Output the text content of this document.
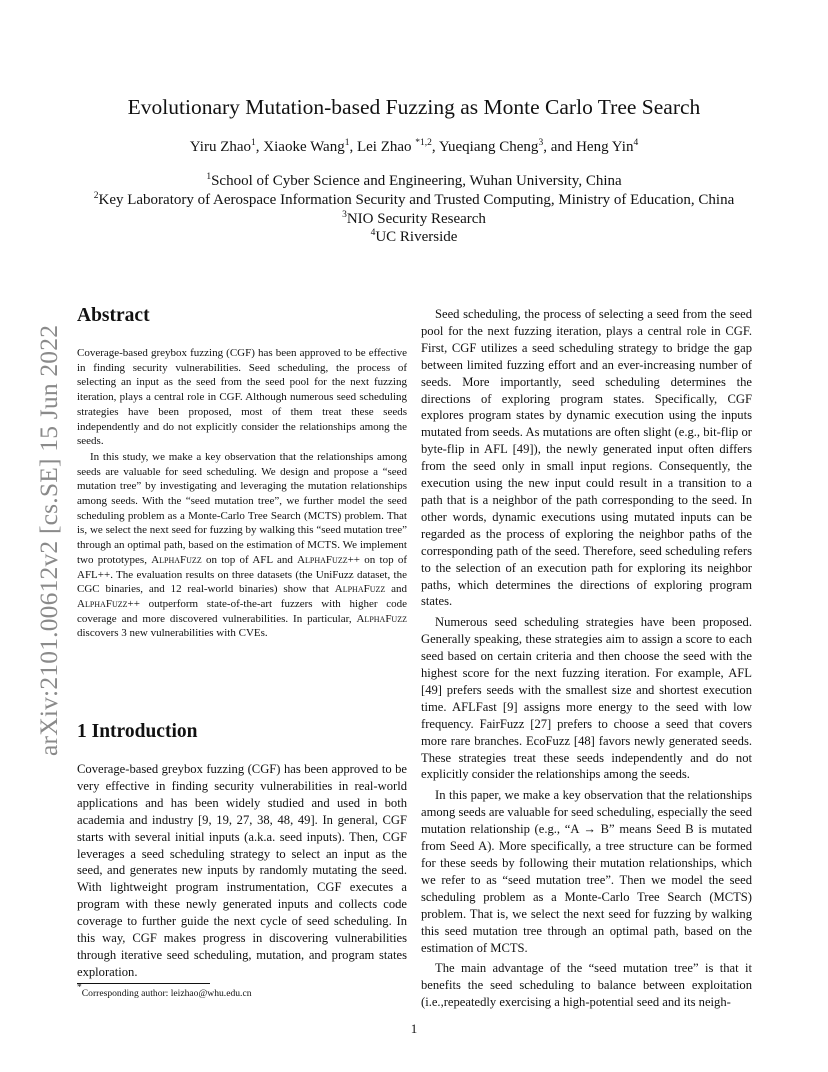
arXiv:2101.00612v2 [cs.SE] 15 Jun 2022
Evolutionary Mutation-based Fuzzing as Monte Carlo Tree Search
Yiru Zhao$^1$, Xiaoke Wang$^1$, Lei Zhao $^{*1,2}$, Yueqiang Cheng$^3$, and Heng Yin$^4$
$^1$School of Cyber Science and Engineering, Wuhan University, China
$^2$Key Laboratory of Aerospace Information Security and Trusted Computing, Ministry of Education, China
$^3$NIO Security Research
$^4$UC Riverside
Abstract

Coverage-based greybox fuzzing (CGF) has been approved to be effective in finding security vulnerabilities. Seed scheduling, the process of selecting an input as the seed from the seed pool for the next fuzzing iteration, plays a central role in CGF. Although numerous seed scheduling strategies have been proposed, most of them treat these seeds independently and do not explicitly consider the relationships among the seeds.

In this study, we make a key observation that the relationships among seeds are valuable for seed scheduling. We design and propose a “seed mutation tree” by investigating and leveraging the mutation relationships among seeds. With the “seed mutation tree”, we further model the seed scheduling problem as a Monte-Carlo Tree Search (MCTS) problem. That is, we select the next seed for fuzzing by walking this “seed mutation tree” through an optimal path, based on the estimation of MCTS. We implement two prototypes, AlphaFuzz on top of AFL and AlphaFuzz++ on top of AFL++. The evaluation results on three datasets (the UniFuzz dataset, the CGC binaries, and 12 real-world binaries) show that AlphaFuzz and AlphaFuzz++ outperform state-of-the-art fuzzers with higher code coverage and more discovered vulnerabilities. In particular, AlphaFuzz discovers 3 new vulnerabilities with CVEs.

1 Introduction

Coverage-based greybox fuzzing (CGF) has been approved to be very effective in finding security vulnerabilities in real-world applications and has been widely studied and used in both academia and industry [9, 19, 27, 38, 48, 49]. In general, CGF starts with several initial inputs (a.k.a. seed inputs). Then, CGF leverages a seed scheduling strategy to select an input as the seed, and generates new inputs by randomly mutating the seed. With lightweight program instrumentation, CGF executes a program with these newly generated inputs and collects code coverage to further guide the next cycle of seed scheduling. In this way, CGF makes progress in discovering vulnerabilities through iterative seed scheduling, mutation, and program states exploration.

Seed scheduling, the process of selecting a seed from the seed pool for the next fuzzing iteration, plays a central role in CGF. First, CGF utilizes a seed scheduling strategy to bridge the gap between limited fuzzing effort and an ever-increasing number of seeds. More importantly, seed scheduling determines the directions of exploring program states. Specifically, CGF explores program states by dynamic execution using the inputs mutated from seeds. As mutations are often slight (e.g., bit-flip or byte-flip in AFL [49]), the newly generated input often differs from the seed only in small input regions. Consequently, the execution using the new input could result in a transition to a path that is a neighbor of the path corresponding to the seed. In other words, dynamic executions using mutated inputs can be regarded as the process of exploring the neighbor paths of the corresponding path of the seed. Therefore, seed scheduling refers to the selection of an execution path for exploring its neighbor paths, which determines the directions of exploring program states.

Numerous seed scheduling strategies have been proposed. Generally speaking, these strategies aim to assign a score to each seed based on certain criteria and then choose the seed with the highest score for the next fuzzing iteration. For example, AFL [49] prefers seeds with the smallest size and shortest execution time. AFLFast [9] assigns more energy to the seed with low frequency. FairFuzz [27] prefers to choose a seed that covers more rare branches. EcoFuzz [48] favors newly generated seeds. These strategies treat these seeds independently and do not explicitly consider the relationships among the seeds.

In this paper, we make a key observation that the relationships among seeds are valuable for seed scheduling, especially the seed mutation relationship (e.g., “A → B” means Seed B is mutated from Seed A). More specifically, a tree structure can be formed for these seeds by following their mutation relationships, which we refer to as “seed mutation tree”. Then we model the seed scheduling problem as a Monte-Carlo Tree Search (MCTS) problem. That is, we select the next seed for fuzzing by walking this seed mutation tree through an optimal path, based on the estimation of MCTS.

The main advantage of the “seed mutation tree” is that it benefits the seed scheduling to balance between exploitation (i.e.,repeatedly exercising a high-potential seed and its neigh-

*Corresponding author: leizhao@whu.edu.cn
1
